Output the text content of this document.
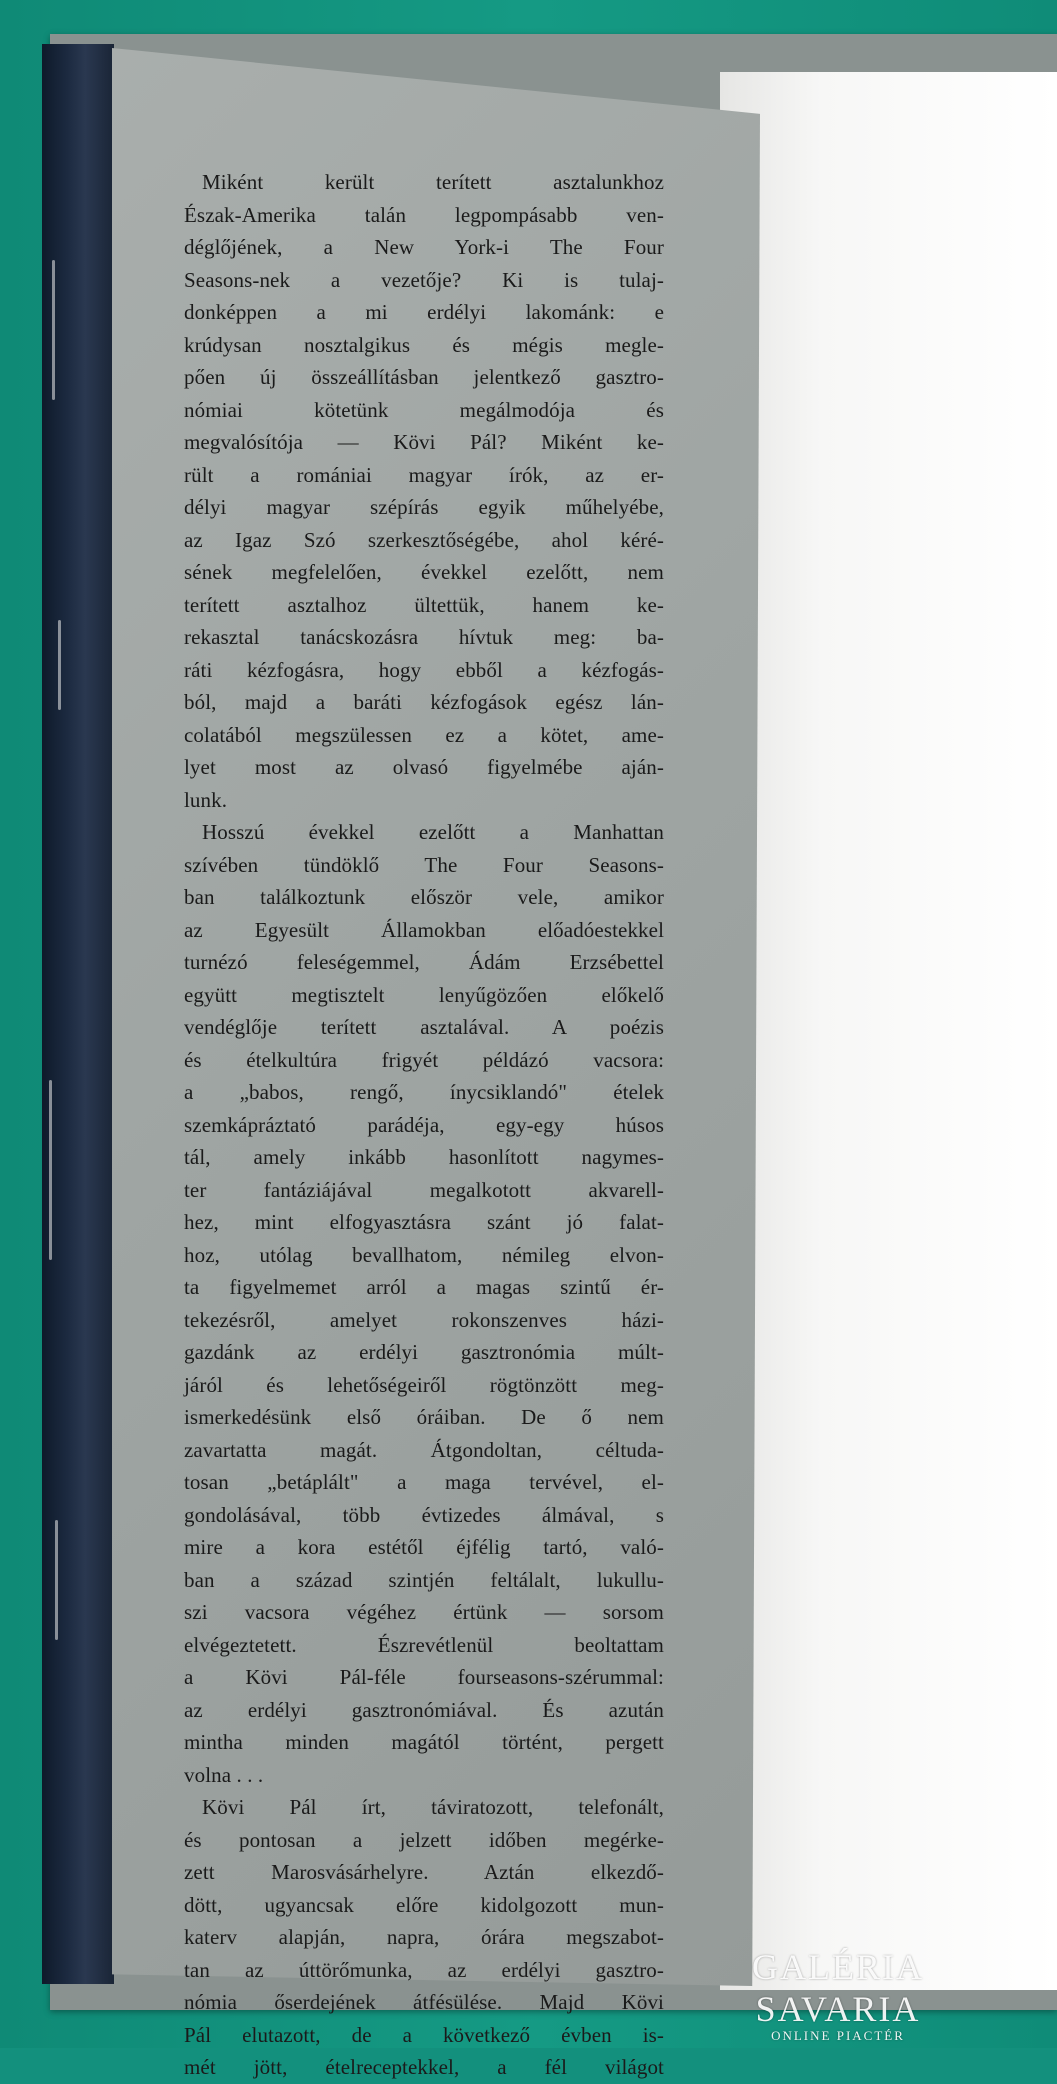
Miként került terített asztalunkhoz
Észak-Amerika talán legpompásabb ven-
déglőjének, a New York-i The Four
Seasons-nek a vezetője? Ki is tulaj-
donképpen a mi erdélyi lakománk: e
krúdysan nosztalgikus és mégis megle-
pően új összeállításban jelentkező gasztro-
nómiai kötetünk megálmodója és
megvalósítója — Kövi Pál? Miként ke-
rült a romániai magyar írók, az er-
délyi magyar szépírás egyik műhelyébe,
az Igaz Szó szerkesztőségébe, ahol kéré-
sének megfelelően, évekkel ezelőtt, nem
terített asztalhoz ültettük, hanem ke-
rekasztal tanácskozásra hívtuk meg: ba-
ráti kézfogásra, hogy ebből a kézfogás-
ból, majd a baráti kézfogások egész lán-
colatából megszülessen ez a kötet, ame-
lyet most az olvasó figyelmébe aján-
lunk.
Hosszú évekkel ezelőtt a Manhattan
szívében tündöklő The Four Seasons-
ban találkoztunk először vele, amikor
az Egyesült Államokban előadóestekkel
turnézó feleségemmel, Ádám Erzsébettel
együtt megtisztelt lenyűgözően előkelő
vendéglője terített asztalával. A poézis
és ételkultúra frigyét példázó vacsora:
a „babos, rengő, ínycsiklandó" ételek
szemkápráztató parádéja, egy-egy húsos
tál, amely inkább hasonlított nagymes-
ter fantáziájával megalkotott akvarell-
hez, mint elfogyasztásra szánt jó falat-
hoz, utólag bevallhatom, némileg elvon-
ta figyelmemet arról a magas szintű ér-
tekezésről, amelyet rokonszenves házi-
gazdánk az erdélyi gasztronómia múlt-
járól és lehetőségeiről rögtönzött meg-
ismerkedésünk első óráiban. De ő nem
zavartatta magát. Átgondoltan, céltuda-
tosan „betáplált" a maga tervével, el-
gondolásával, több évtizedes álmával, s
mire a kora estétől éjfélig tartó, való-
ban a század szintjén feltálalt, lukullu-
szi vacsora végéhez értünk — sorsom
elvégeztetett. Észrevétlenül beoltattam
a Kövi Pál-féle fourseasons-szérummal:
az erdélyi gasztronómiával. És azután
mintha minden magától történt, pergett
volna . . .
Kövi Pál írt, táviratozott, telefonált,
és pontosan a jelzett időben megérke-
zett Marosvásárhelyre. Aztán elkezdő-
dött, ugyancsak előre kidolgozott mun-
katerv alapján, napra, órára megszabot-
tan az úttörőmunka, az erdélyi gasztro-
nómia őserdejének átfésülése. Majd Kövi
Pál elutazott, de a következő évben is-
mét jött, ételreceptekkel, a fél világot
GALÉRIA SAVARIA
ONLINE PIACTÉR
